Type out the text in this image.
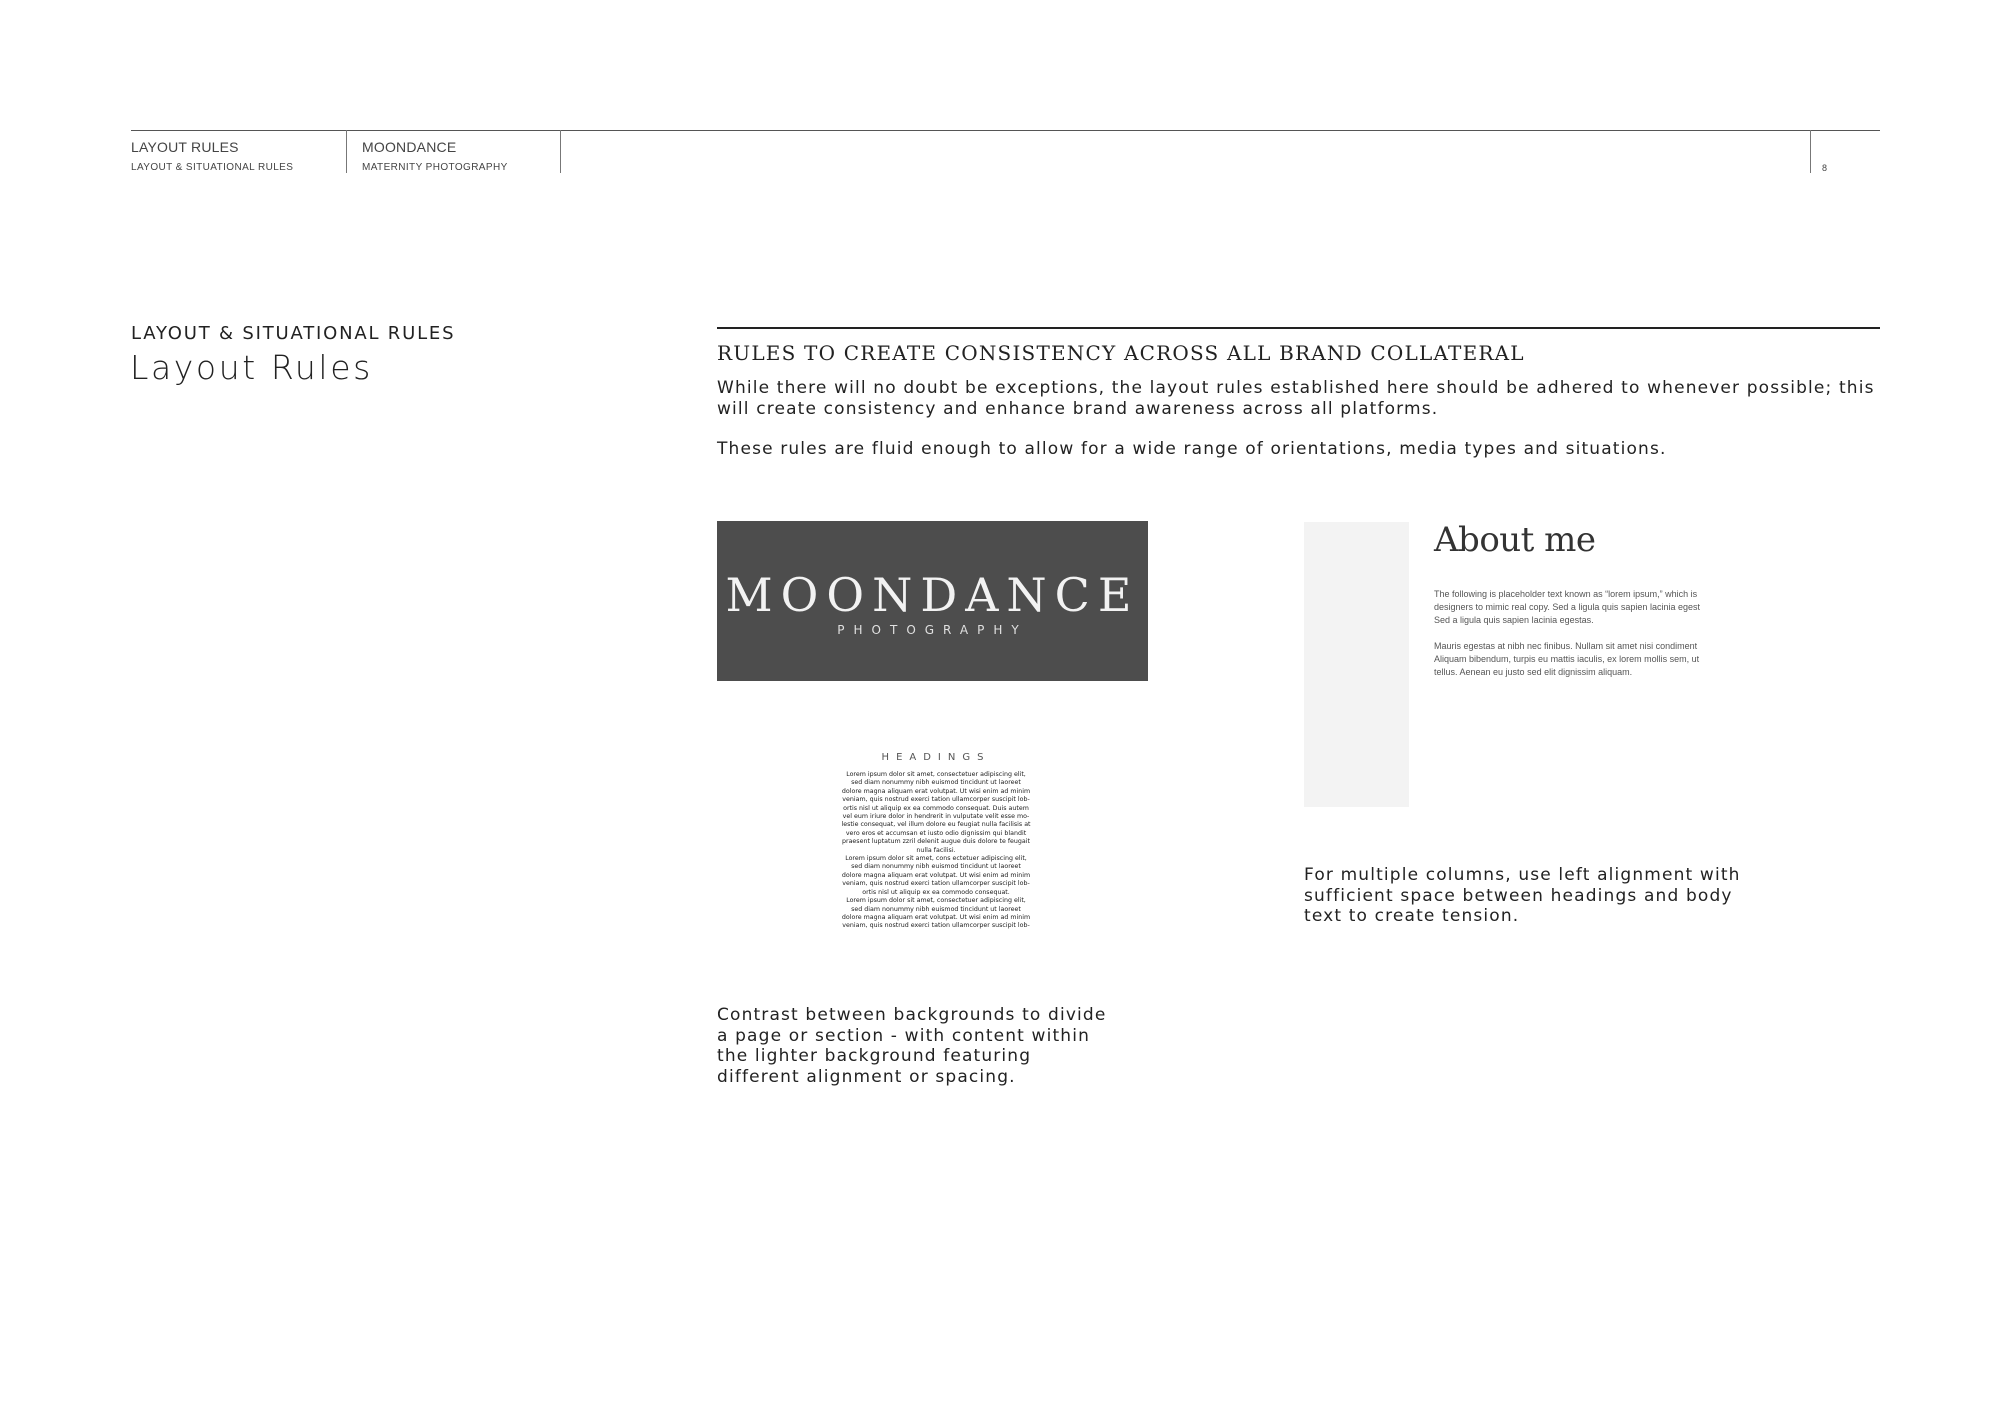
LAYOUT RULES
LAYOUT & SITUATIONAL RULES
MOONDANCE
MATERNITY PHOTOGRAPHY	8
LAYOUT & SITUATIONAL RULES
Layout Rules	RULES TO CREATE CONSISTENCY ACROSS ALL BRAND COLLATERAL
While there will no doubt be exceptions, the layout rules established here should be adhered to whenever possible; this will create consistency and enhance brand awareness across all platforms.
These rules are fluid enough to allow for a wide range of orientations, media types and situations.
MOONDANCE
PHOTOGRAPHY
HEADINGS
Lorem ipsum dolor sit amet, consectetuer adipiscing elit,
sed diam nonummy nibh euismod tincidunt ut laoreet
dolore magna aliquam erat volutpat. Ut wisi enim ad minim
veniam, quis nostrud exerci tation ullamcorper suscipit lob-
ortis nisl ut aliquip ex ea commodo consequat. Duis autem
vel eum iriure dolor in hendrerit in vulputate velit esse mo-
lestie consequat, vel illum dolore eu feugiat nulla facilisis at
vero eros et accumsan et iusto odio dignissim qui blandit
praesent luptatum zzril delenit augue duis dolore te feugait
nulla facilisi.
Lorem ipsum dolor sit amet, cons ectetuer adipiscing elit,
sed diam nonummy nibh euismod tincidunt ut laoreet
dolore magna aliquam erat volutpat. Ut wisi enim ad minim
veniam, quis nostrud exerci tation ullamcorper suscipit lob-
ortis nisl ut aliquip ex ea commodo consequat.
Lorem ipsum dolor sit amet, consectetuer adipiscing elit,
sed diam nonummy nibh euismod tincidunt ut laoreet
dolore magna aliquam erat volutpat. Ut wisi enim ad minim
veniam, quis nostrud exerci tation ullamcorper suscipit lob-
Contrast between backgrounds to divide a page or section - with content within the lighter background featuring different alignment or spacing.
About me
The following is placeholder text known as “lorem ipsum,” which is
designers to mimic real copy. Sed a ligula quis sapien lacinia egest
Sed a ligula quis sapien lacinia egestas.
Mauris egestas at nibh nec finibus. Nullam sit amet nisi condiment
Aliquam bibendum, turpis eu mattis iaculis, ex lorem mollis sem, ut
tellus. Aenean eu justo sed elit dignissim aliquam.
For multiple columns, use left alignment with sufficient space between headings and body text to create tension.
